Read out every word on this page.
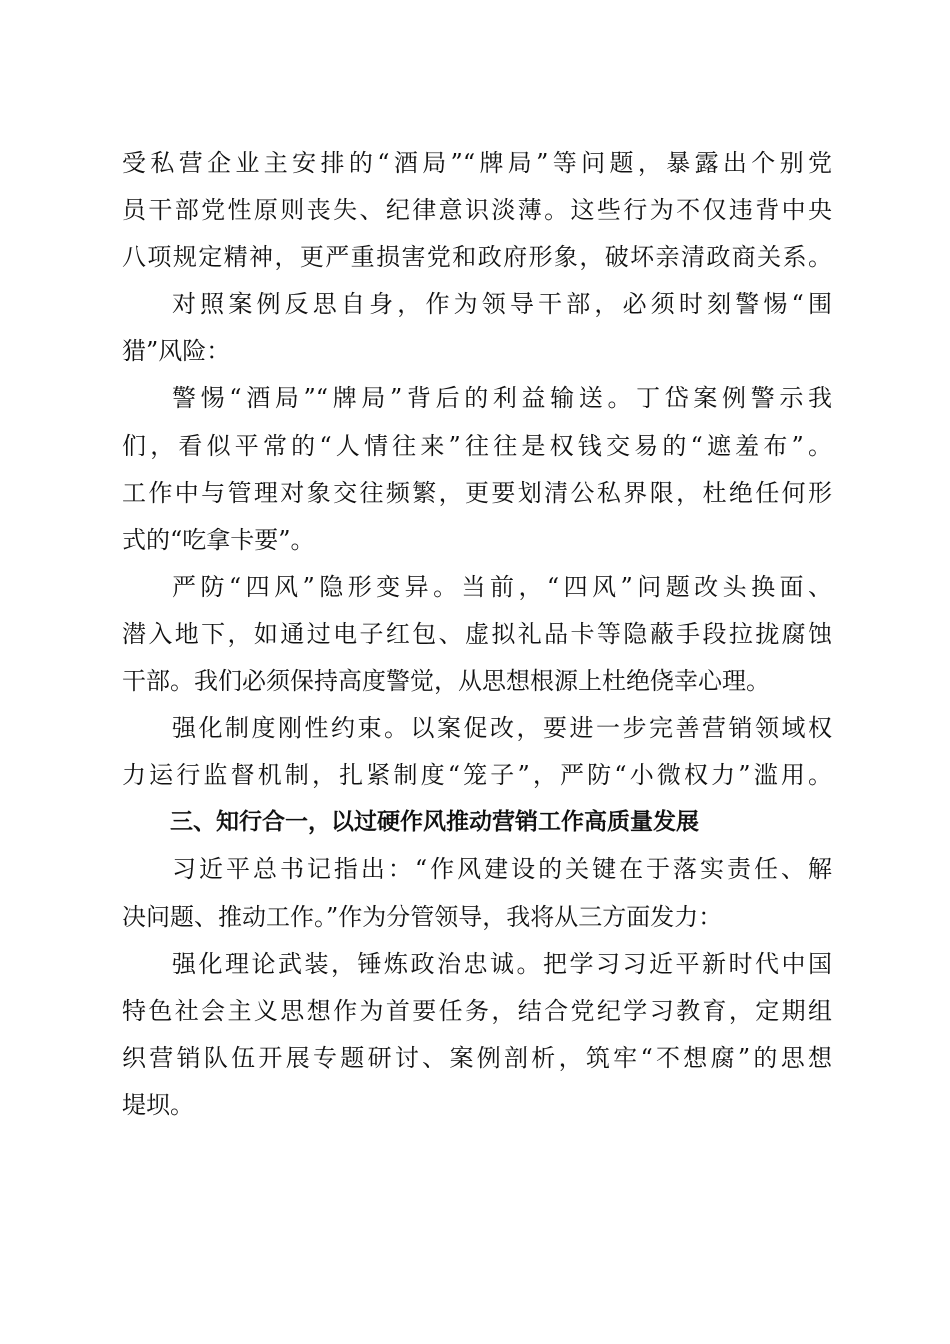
受私营企业主安排的“酒局”“牌局”等问题，暴露出个别党
员干部党性原则丧失、纪律意识淡薄。这些行为不仅违背中央
八项规定精神，更严重损害党和政府形象，破坏亲清政商关系。
对照案例反思自身，作为领导干部，必须时刻警惕“围
猎”风险：
警惕“酒局”“牌局”背后的利益输送。丁岱案例警示我
们，看似平常的“人情往来”往往是权钱交易的“遮羞布”。
工作中与管理对象交往频繁，更要划清公私界限，杜绝任何形
式的“吃拿卡要”。
严防“四风”隐形变异。当前，“四风”问题改头换面、
潜入地下，如通过电子红包、虚拟礼品卡等隐蔽手段拉拢腐蚀
干部。我们必须保持高度警觉，从思想根源上杜绝侥幸心理。
强化制度刚性约束。以案促改，要进一步完善营销领域权
力运行监督机制，扎紧制度“笼子”，严防“小微权力”滥用。
三、知行合一，以过硬作风推动营销工作高质量发展
习近平总书记指出：“作风建设的关键在于落实责任、解
决问题、推动工作。”作为分管领导，我将从三方面发力：
强化理论武装，锤炼政治忠诚。把学习习近平新时代中国
特色社会主义思想作为首要任务，结合党纪学习教育，定期组
织营销队伍开展专题研讨、案例剖析，筑牢“不想腐”的思想
堤坝。
